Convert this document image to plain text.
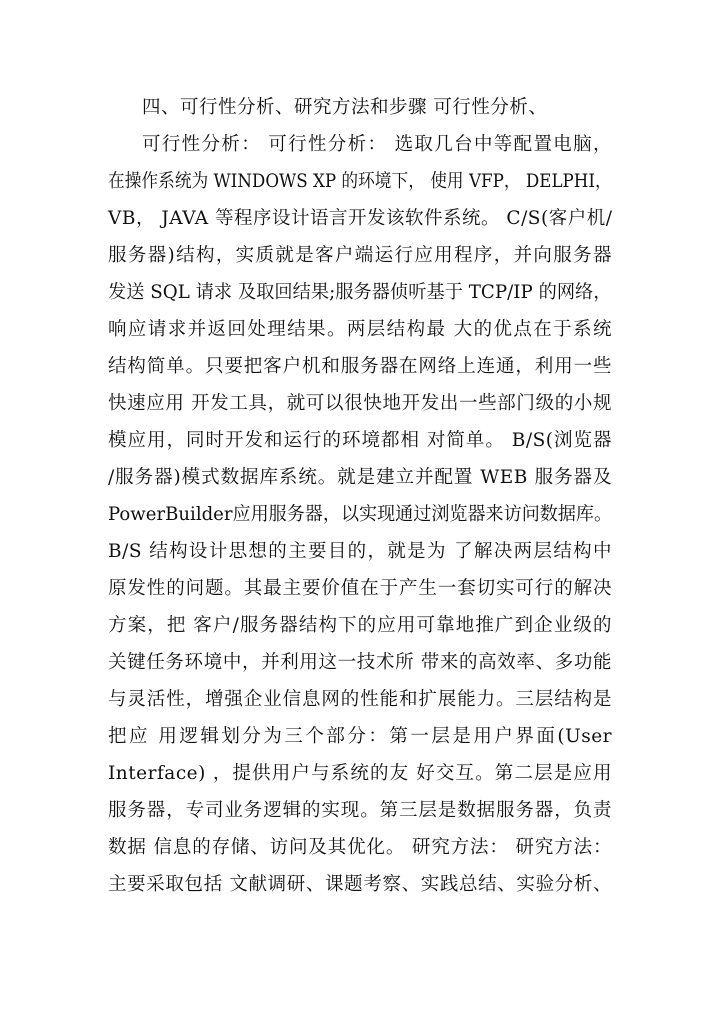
四、可行性分析、研究方法和步骤 可行性分析、
可行性分析： 可行性分析： 选取几台中等配置电脑，
在操作系统为 WINDOWS XP 的环境下， 使用 VFP， DELPHI，
VB， JAVA 等程序设计语言开发该软件系统。 C/S(客户机/
服务器)结构，实质就是客户端运行应用程序，并向服务器
发送 SQL 请求 及取回结果;服务器侦听基于 TCP/IP 的网络，
响应请求并返回处理结果。两层结构最 大的优点在于系统
结构简单。只要把客户机和服务器在网络上连通，利用一些
快速应用 开发工具，就可以很快地开发出一些部门级的小规
模应用，同时开发和运行的环境都相 对简单。 B/S(浏览器
/服务器)模式数据库系统。就是建立并配置 WEB 服务器及
PowerBuilder应用服务器，以实现通过浏览器来访问数据库。
B/S 结构设计思想的主要目的，就是为 了解决两层结构中
原发性的问题。其最主要价值在于产生一套切实可行的解决
方案，把 客户/服务器结构下的应用可靠地推广到企业级的
关键任务环境中，并利用这一技术所 带来的高效率、多功能
与灵活性，增强企业信息网的性能和扩展能力。三层结构是
把应 用逻辑划分为三个部分：第一层是用户界面(User
Interface) ，提供用户与系统的友 好交互。第二层是应用
服务器，专司业务逻辑的实现。第三层是数据服务器，负责
数据 信息的存储、访问及其优化。 研究方法： 研究方法：
主要采取包括 文献调研、课题考察、实践总结、实验分析、
